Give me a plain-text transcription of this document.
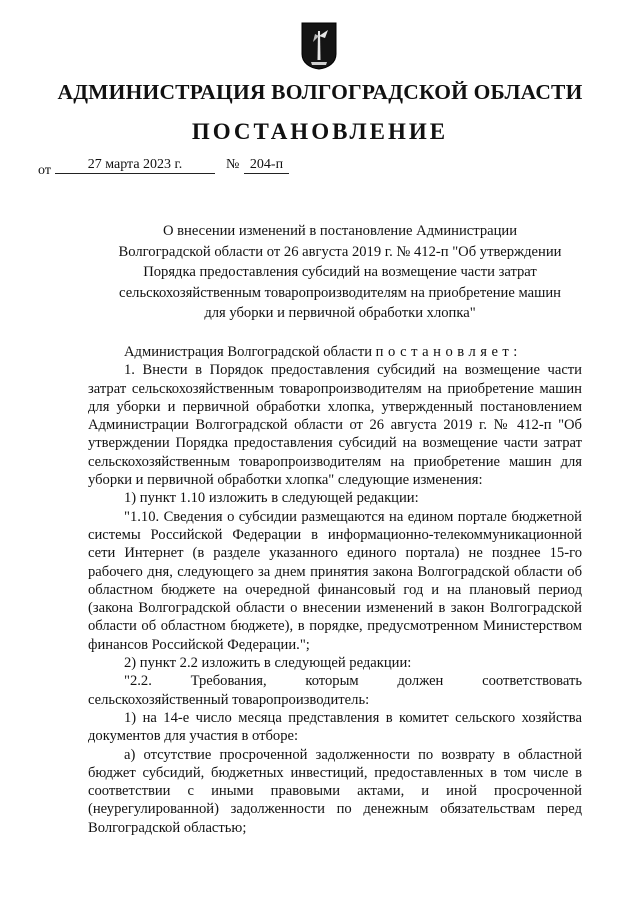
АДМИНИСТРАЦИЯ ВОЛГОГРАДСКОЙ ОБЛАСТИ
ПОСТАНОВЛЕНИЕ
от	27 марта 2023 г.	№ 204-п
О внесении изменений в постановление Администрации
Волгоградской области от 26 августа 2019 г. № 412-п "Об утверждении
Порядка предоставления субсидий на возмещение части затрат
сельскохозяйственным товаропроизводителям на приобретение машин
для уборки и первичной обработки хлопка"

Администрация Волгоградской области постановляет:

1. Внести в Порядок предоставления субсидий на возмещение части затрат сельскохозяйственным товаропроизводителям на приобретение машин для уборки и первичной обработки хлопка, утвержденный постановлением Администрации Волгоградской области от 26 августа 2019 г. № 412-п "Об утверждении Порядка предоставления субсидий на возмещение части затрат сельскохозяйственным товаропроизводителям на приобретение машин для уборки и первичной обработки хлопка" следующие изменения:

1) пункт 1.10 изложить в следующей редакции:

"1.10. Сведения о субсидии размещаются на едином портале бюджетной системы Российской Федерации в информационно-телекоммуникационной сети Интернет (в разделе указанного единого портала) не позднее 15-го рабочего дня, следующего за днем принятия закона Волгоградской области об областном бюджете на очередной финансовый год и на плановый период (закона Волгоградской области о внесении изменений в закон Волгоградской области об областном бюджете), в порядке, предусмотренном Министерством финансов Российской Федерации.";

2) пункт 2.2 изложить в следующей редакции:

"2.2. Требования, которым должен соответствовать сельскохозяйственный товаропроизводитель:

1) на 14-е число месяца представления в комитет сельского хозяйства документов для участия в отборе:

а) отсутствие просроченной задолженности по возврату в областной бюджет субсидий, бюджетных инвестиций, предоставленных в том числе в соответствии с иными правовыми актами, и иной просроченной (неурегулированной) задолженности по денежным обязательствам перед Волгоградской областью;
